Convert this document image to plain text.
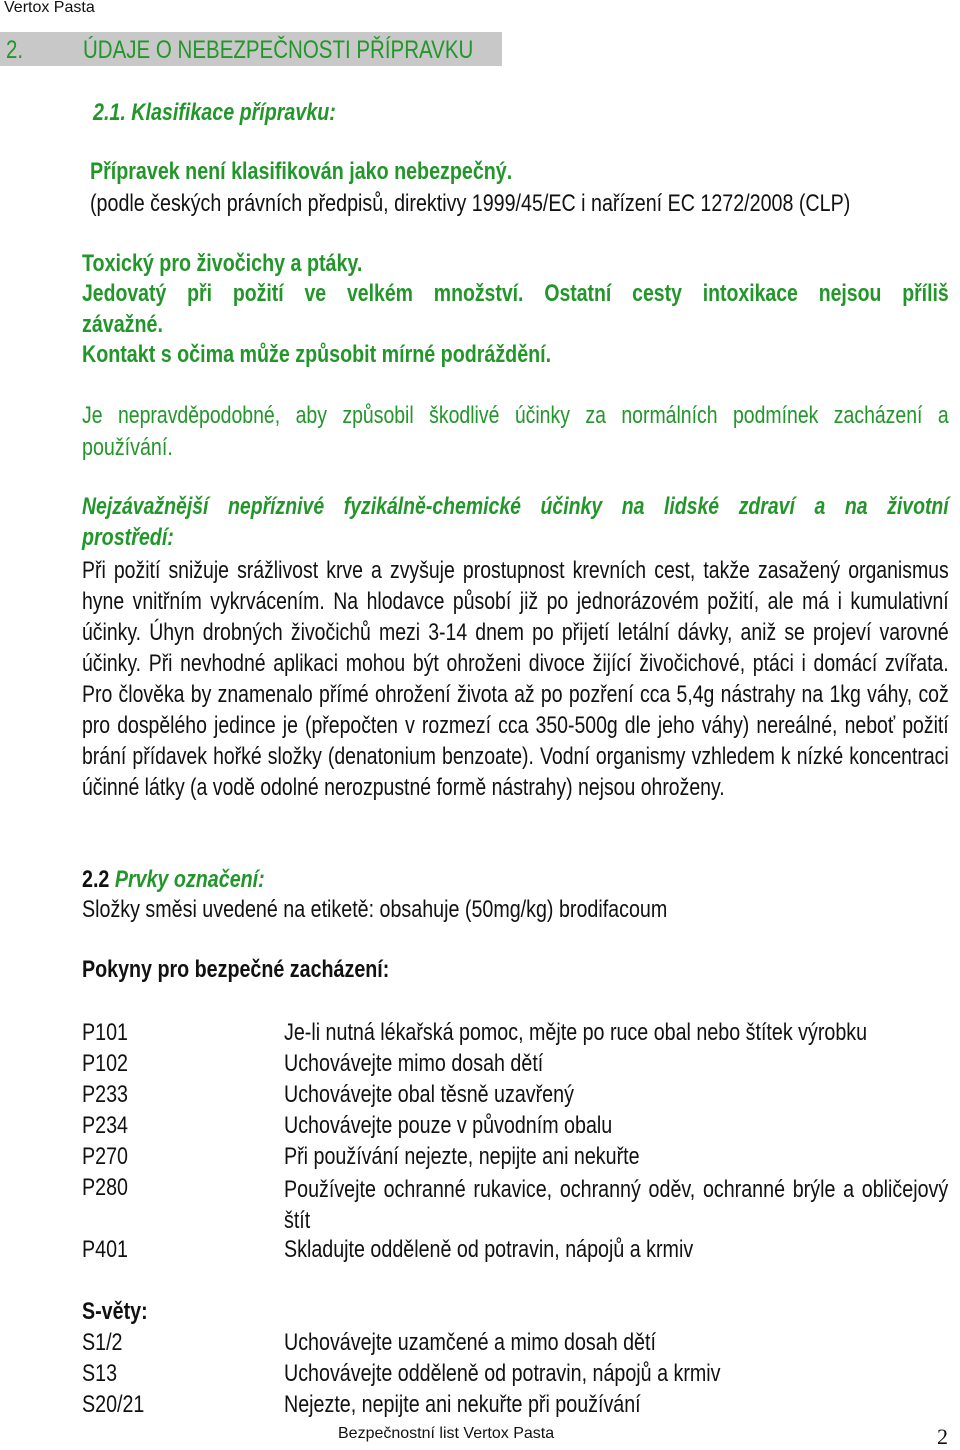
Vertox Pasta
2. ÚDAJE O NEBEZPEČNOSTI PŘÍPRAVKU
2.1. Klasifikace přípravku:
Přípravek není klasifikován jako nebezpečný.
(podle českých právních předpisů, direktivy 1999/45/EC i nařízení EC 1272/2008 (CLP)
Toxický pro živočichy a ptáky.
Jedovatý při požití ve velkém množství. Ostatní cesty intoxikace nejsou příliš
závažné.
Kontakt s očima může způsobit mírné podráždění.
Je nepravděpodobné, aby způsobil škodlivé účinky za normálních podmínek zacházení a
používání.
Nejzávažnější nepříznivé fyzikálně-chemické účinky na lidské zdraví a na životní
prostředí:
Při požití snižuje srážlivost krve a zvyšuje prostupnost krevních cest, takže zasažený organismus hyne vnitřním vykrvácením. Na hlodavce působí již po jednorázovém požití, ale má i kumulativní účinky. Úhyn drobných živočichů mezi 3-14 dnem po přijetí letální dávky, aniž se projeví varovné účinky. Při nevhodné aplikaci mohou být ohroženi divoce žijící živočichové, ptáci i domácí zvířata. Pro člověka by znamenalo přímé ohrožení života až po pozření cca 5,4g nástrahy na 1kg váhy, což pro dospělého jedince je (přepočten v rozmezí cca 350-500g dle jeho váhy) nereálné, neboť požití brání přídavek hořké složky (denatonium benzoate). Vodní organismy vzhledem k nízké koncentraci účinné látky (a vodě odolné nerozpustné formě nástrahy) nejsou ohroženy.
2.2 Prvky označení:
Složky směsi uvedené na etiketě: obsahuje (50mg/kg) brodifacoum
Pokyny pro bezpečné zacházení:
P101	Je-li nutná lékařská pomoc, mějte po ruce obal nebo štítek výrobku
P102	Uchovávejte mimo dosah dětí
P233	Uchovávejte obal těsně uzavřený
P234	Uchovávejte pouze v původním obalu
P270	Při používání nejezte, nepijte ani nekuřte
P280	Používejte ochranné rukavice, ochranný oděv, ochranné brýle a obličejový štít
P401	Skladujte odděleně od potravin, nápojů a krmiv
S-věty:
S1/2	Uchovávejte uzamčené a mimo dosah dětí
S13	Uchovávejte odděleně od potravin, nápojů a krmiv
S20/21	Nejezte, nepijte ani nekuřte při používání
Bezpečnostní list Vertox Pasta	2
